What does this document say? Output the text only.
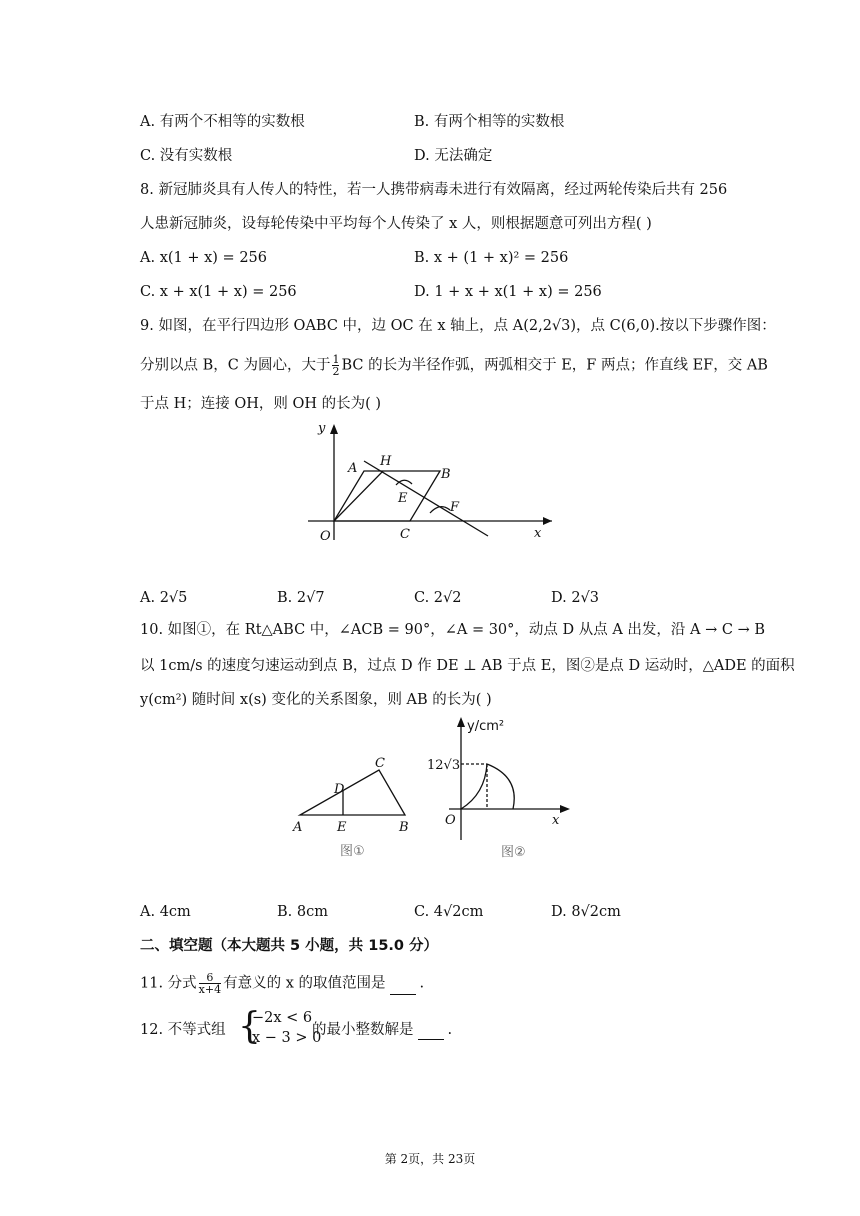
A. 有两个不相等的实数根	B. 有两个相等的实数根
C. 没有实数根	D. 无法确定
8. 新冠肺炎具有人传人的特性，若一人携带病毒未进行有效隔离，经过两轮传染后共有 256
人患新冠肺炎，设每轮传染中平均每个人传染了 x 人，则根据题意可列出方程( )
A. x(1 + x) = 256	B. x + (1 + x)² = 256
C. x + x(1 + x) = 256	D. 1 + x + x(1 + x) = 256
9. 如图，在平行四边形 OABC 中，边 OC 在 x 轴上，点 A(2,2√3)，点 C(6,0).按以下步骤作图：
分别以点 B，C 为圆心，大于 $\frac{1}{2}$ BC 的长为半径作弧，两弧相交于 E，F 两点；作直线 EF，交 AB
于点 H；连接 OH，则 OH 的长为( )
y
x
O
A H
B
E
F
C
A. 2√5	B. 2√7	C. 2√2	D. 2√3
10. 如图①，在 Rt△ABC 中，∠ACB = 90°，∠A = 30°，动点 D 从点 A 出发，沿 A → C → B
以 1cm/s 的速度匀速运动到点 B，过点 D 作 DE ⊥ AB 于点 E，图②是点 D 运动时，△ADE 的面积
y(cm²) 随时间 x(s) 变化的关系图象，则 AB 的长为( )
A	E	B
D
C
图①
y/cm²
x
O
12√3
图②
A. 4cm	B. 8cm	C. 4√2cm	D. 8√2cm
二、填空题（本大题共 5 小题，共 15.0 分）
11. 分式 $\frac{6}{x+4}$ 有意义的 x 的取值范围是 .
12. 不等式组 {
−2x < 6
x − 3 > 0
的最小整数解是 .
第 2页，共 23页
